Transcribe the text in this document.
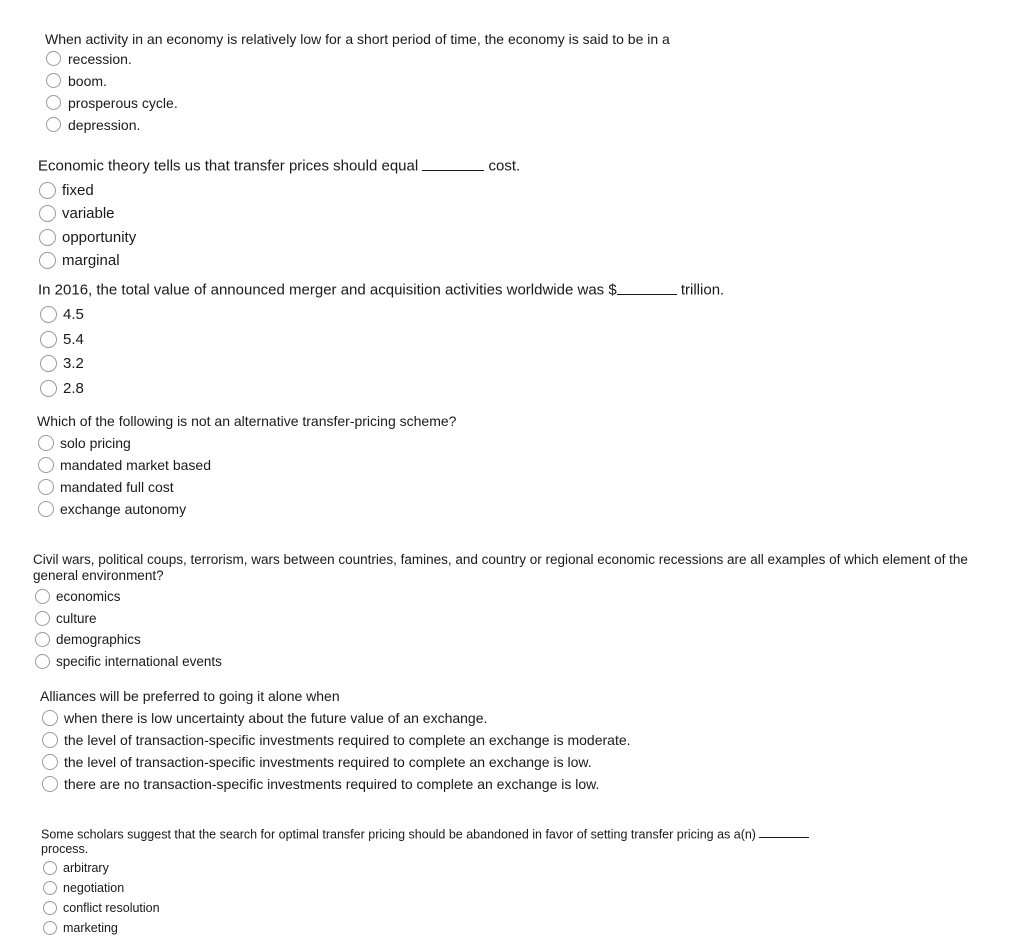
When activity in an economy is relatively low for a short period of time, the economy is said to be in a

recession.
boom.
prosperous cycle.
depression.

Economic theory tells us that transfer prices should equal	cost.

fixed
variable
opportunity
marginal

In 2016, the total value of announced merger and acquisition activities worldwide was $	trillion.

4.5
5.4
3.2
2.8

Which of the following is not an alternative transfer-pricing scheme?

solo pricing
mandated market based
mandated full cost
exchange autonomy

Civil wars, political coups, terrorism, wars between countries, famines, and country or regional economic recessions are all examples of which element of the general environment?

economics
culture
demographics
specific international events

Alliances will be preferred to going it alone when

when there is low uncertainty about the future value of an exchange.
the level of transaction-specific investments required to complete an exchange is moderate.
the level of transaction-specific investments required to complete an exchange is low.
there are no transaction-specific investments required to complete an exchange is low.

Some scholars suggest that the search for optimal transfer pricing should be abandoned in favor of setting transfer pricing as a(n)
process.

arbitrary
negotiation
conflict resolution
marketing
